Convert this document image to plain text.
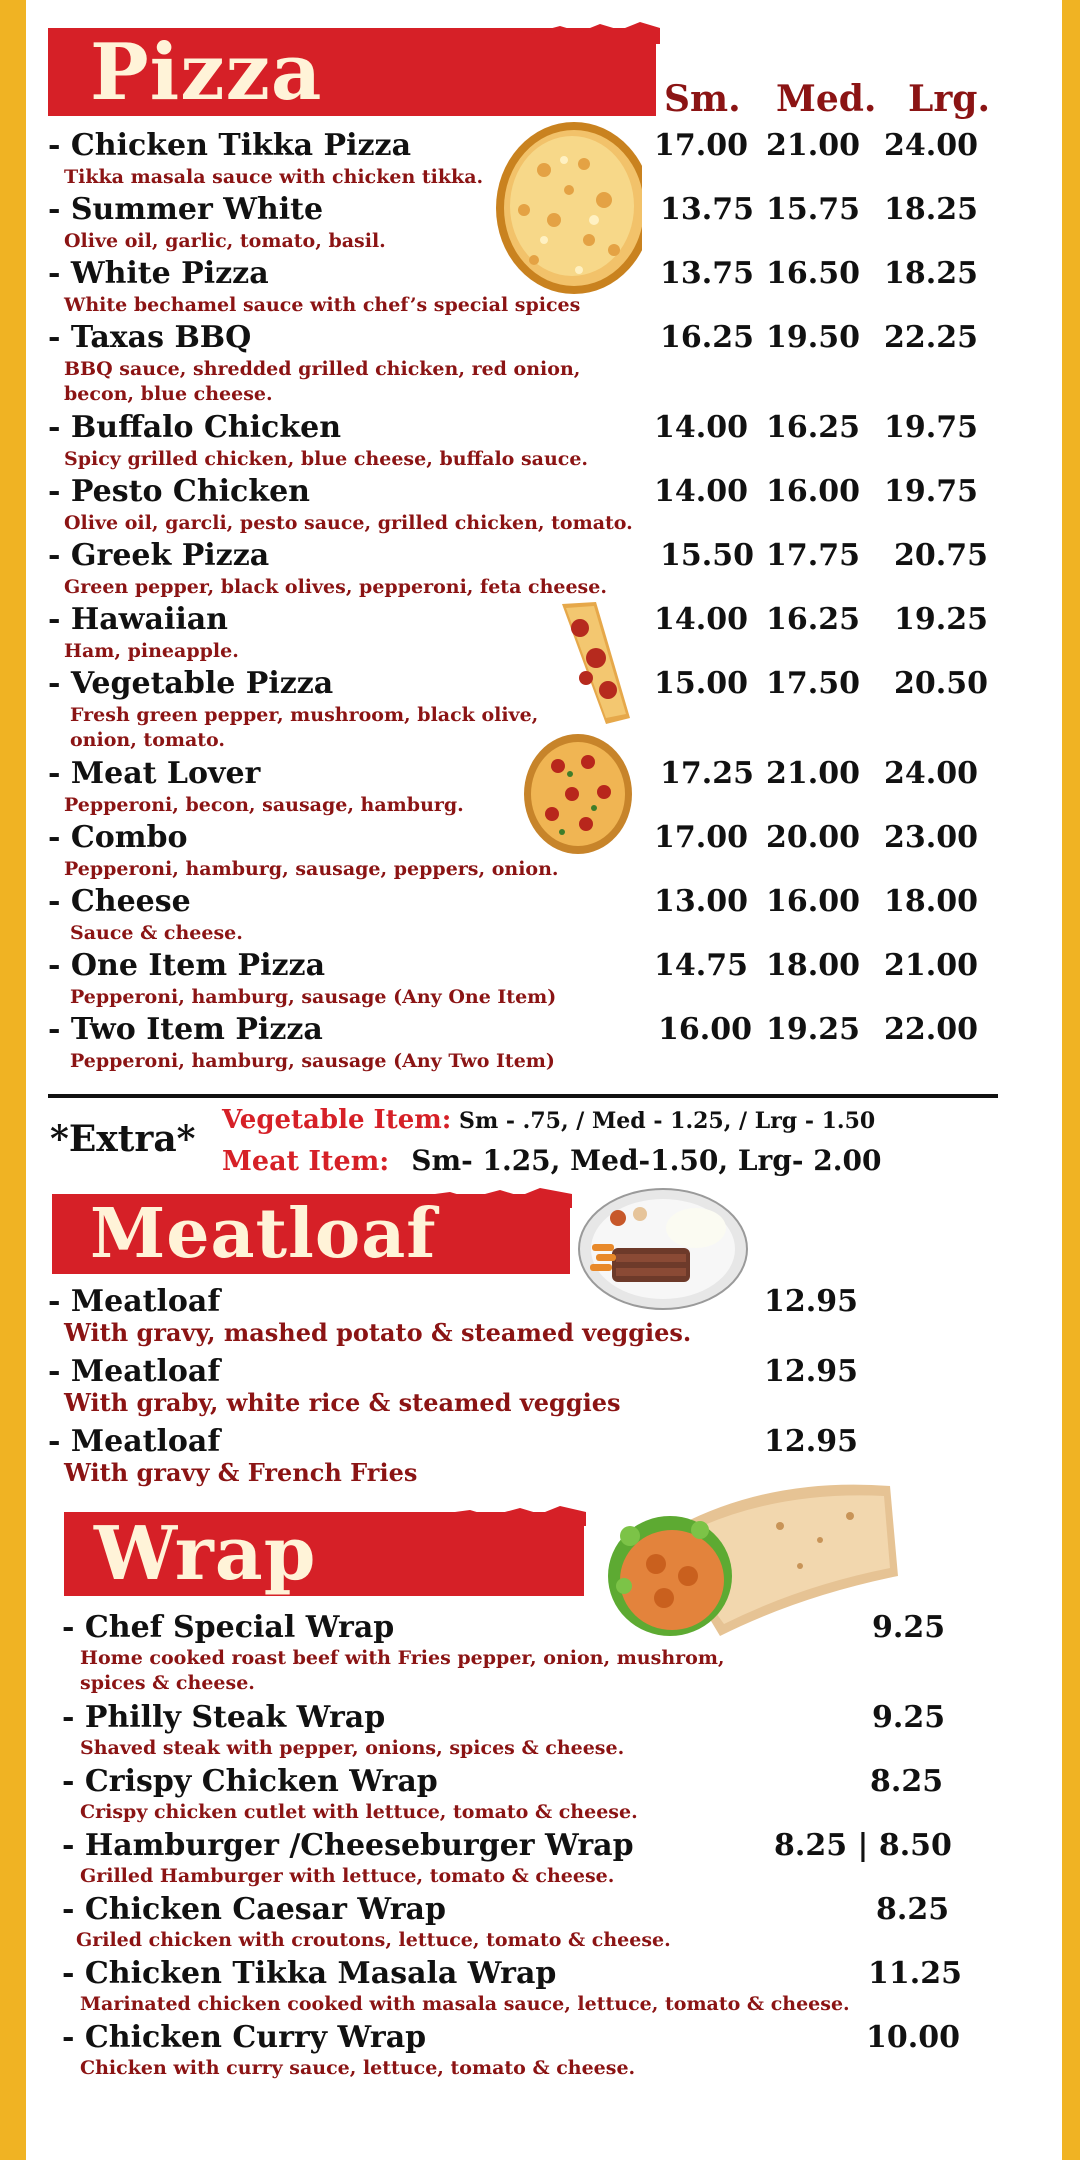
Pizza	Sm. Med. Lrg.
- Chicken Tikka Pizza
Tikka masala sauce with chicken tikka.
17.00 21.00 24.00
- Summer White
Olive oil, garlic, tomato, basil.
13.75 15.75 18.25
- White Pizza
White bechamel sauce with chef’s special spices
13.75 16.50 18.25
- Taxas BBQ
BBQ sauce, shredded grilled chicken, red onion, becon, blue cheese.
16.25 19.50 22.25
- Buffalo Chicken
Spicy grilled chicken, blue cheese, buffalo sauce.
14.00 16.25 19.75
- Pesto Chicken
Olive oil, garcli, pesto sauce, grilled chicken, tomato.
14.00 16.00 19.75
- Greek Pizza
Green pepper, black olives, pepperoni, feta cheese.
15.50 17.75 20.75
- Hawaiian
Ham, pineapple.
14.00 16.25 19.25
- Vegetable Pizza
Fresh green pepper, mushroom, black olive, onion, tomato.
15.00 17.50 20.50
- Meat Lover
Pepperoni, becon, sausage, hamburg.
17.25 21.00 24.00
- Combo
Pepperoni, hamburg, sausage, peppers, onion.
17.00 20.00 23.00
- Cheese
Sauce & cheese.
13.00 16.00 18.00
- One Item Pizza
Pepperoni, hamburg, sausage (Any One Item)
14.75 18.00 21.00
- Two Item Pizza
Pepperoni, hamburg, sausage (Any Two Item)
16.00 19.25 22.00
*Extra* Vegetable Item: Sm - .75, / Med - 1.25, / Lrg - 1.50
Meat Item: Sm- 1.25, Med-1.50, Lrg- 2.00
Meatloaf
- Meatloaf
With gravy, mashed potato & steamed veggies.
12.95
- Meatloaf
With graby, white rice & steamed veggies
12.95
- Meatloaf
With gravy & French Fries
12.95
Wrap
- Chef Special Wrap
Home cooked roast beef with Fries pepper, onion, mushrom, spices & cheese.
9.25
- Philly Steak Wrap
Shaved steak with pepper, onions, spices & cheese.
9.25
- Crispy Chicken Wrap
Crispy chicken cutlet with lettuce, tomato & cheese.
8.25
- Hamburger /Cheeseburger Wrap
Grilled Hamburger with lettuce, tomato & cheese.
8.25 | 8.50
- Chicken Caesar Wrap
Griled chicken with croutons, lettuce, tomato & cheese.
8.25
- Chicken Tikka Masala Wrap
Marinated chicken cooked with masala sauce, lettuce, tomato & cheese.
11.25
- Chicken Curry Wrap
Chicken with curry sauce, lettuce, tomato & cheese.
10.00
